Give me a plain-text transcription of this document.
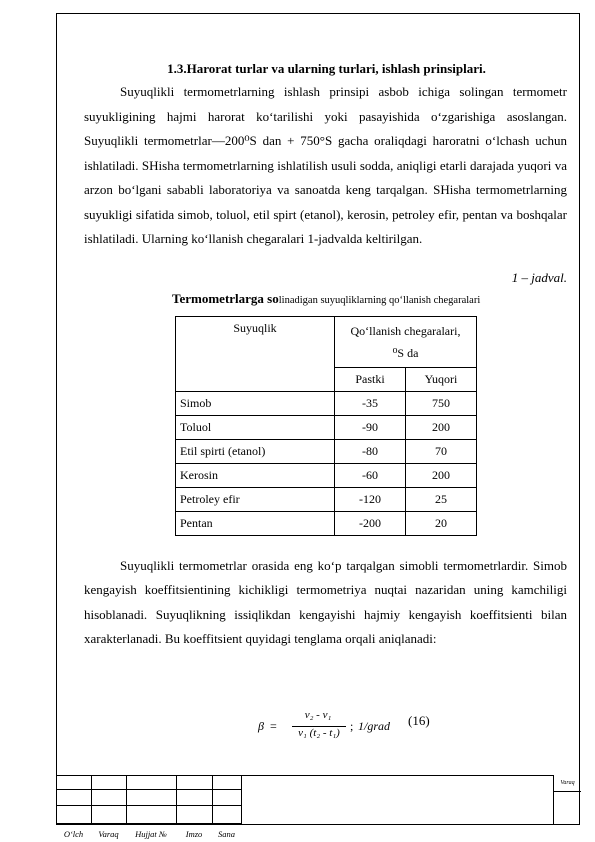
1.3.Harorat turlar va ularning turlari, ishlash prinsiplari.

Suyuqlikli termometrlarning ishlash prinsipi asbob ichiga solingan termometr suyukligining hajmi harorat ko‘tarilishi yoki pasayishida o‘zgarishiga asoslangan. Suyuqlikli termometrlar—200⁰S dan + 750°S gacha oraliqdagi haroratni o‘lchash uchun ishlatiladi. SHisha termometrlarning ishlatilish usuli sodda, aniqligi etarli darajada yuqori va arzon bo‘lgani sababli laboratoriya va sanoatda keng tarqalgan. SHisha termometrlarning suyukligi sifatida simob, toluol, etil spirt (etanol), kerosin, petroley efir, pentan va boshqalar ishlatiladi. Ularning ko‘llanish chegaralari 1-jadvalda keltirilgan.

1 – jadval.
Termometrlarga solinadigan suyuqliklarning qo‘llanish chegaralari
Suyuqlik	Qo‘llanish chegaralari,
⁰S da	

	Pastki	Yuqori
Simob	-35	750
Toluol	-90	200
Etil spirti (etanol)	-80	70
Kerosin	-60	200
Petroley efir	-120	25
Pentan	-200	20

Suyuqlikli termometrlar orasida eng ko‘p tarqalgan simobli termometrlardir. Simob kengayish koeffitsientining kichikligi termometriya nuqtai nazaridan uning kamchiligi hisoblanadi. Suyuqlikning issiqlikdan kengayishi hajmiy kengayish koeffitsienti bilan xarakterlanadi. Bu koeffitsient quyidagi tenglama orqali aniqlanadi:

β =
v₂ - v₁
v₁ (t₂ - t₁) ; 1/grad (16)
O‘lch	Varaq	Hujjat №	Imzo	Sana
Varaq
